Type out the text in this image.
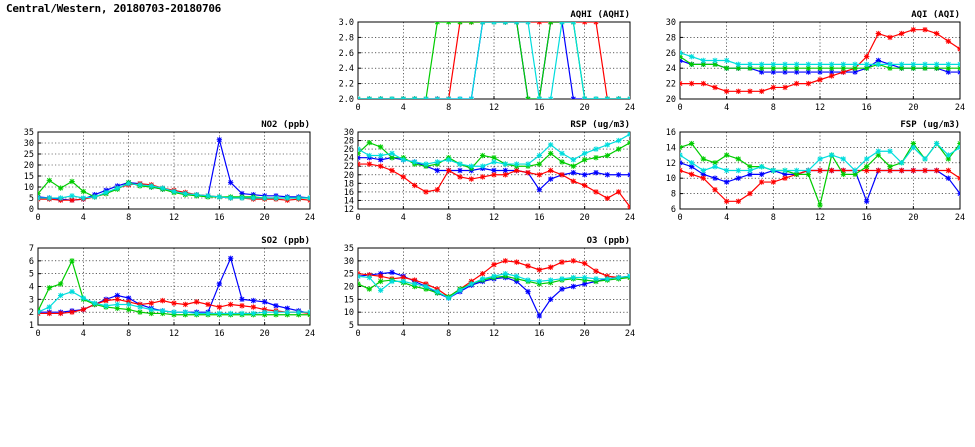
Central/Western, 20180703-20180706
NO2 (ppb)
0
5
10
15
20
25
30
35
0	4	8	12	16	20	24
SO2 (ppb)
1
2
3
4
5
6
7
0	4	8	12	16	20	24
AQHI (AQHI)
2.0
2.2
2.4
2.6
2.8
3.0
0	4	8	12	16	20	24
RSP (ug/m3)
12
14
16
18
20
22
24
26
28
30
0	4	8	12	16	20	24
O3 (ppb)
5
10
15
20
25
30
35
0	4	8	12	16	20	24
AQI (AQI)
20
22
24
26
28
30
0	4	8	12	16	20	24
FSP (ug/m3)
6
8
10
12
14
16
0	4	8	12	16	20	24
